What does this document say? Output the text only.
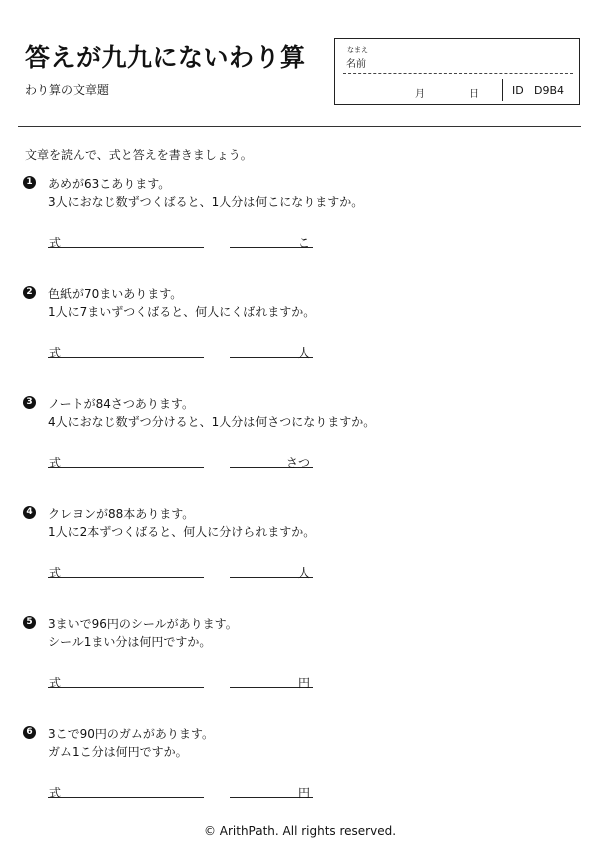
答えが九九にないわり算
わり算の文章題
なまえ
名前
月	日	ID D9B4
文章を読んで、式と答えを書きましょう。
1 あめが63こあります。
3人におなじ数ずつくばると、1人分は何こになりますか。
式	こ
2 色紙が70まいあります。
1人に7まいずつくばると、何人にくばれますか。
式	人
3 ノートが84さつあります。
4人におなじ数ずつ分けると、1人分は何さつになりますか。
式	さつ
4 クレヨンが88本あります。
1人に2本ずつくばると、何人に分けられますか。
式	人
5 3まいで96円のシールがあります。
シール1まい分は何円ですか。
式	円
6 3こで90円のガムがあります。
ガム1こ分は何円ですか。
式	円
© ArithPath. All rights reserved.
